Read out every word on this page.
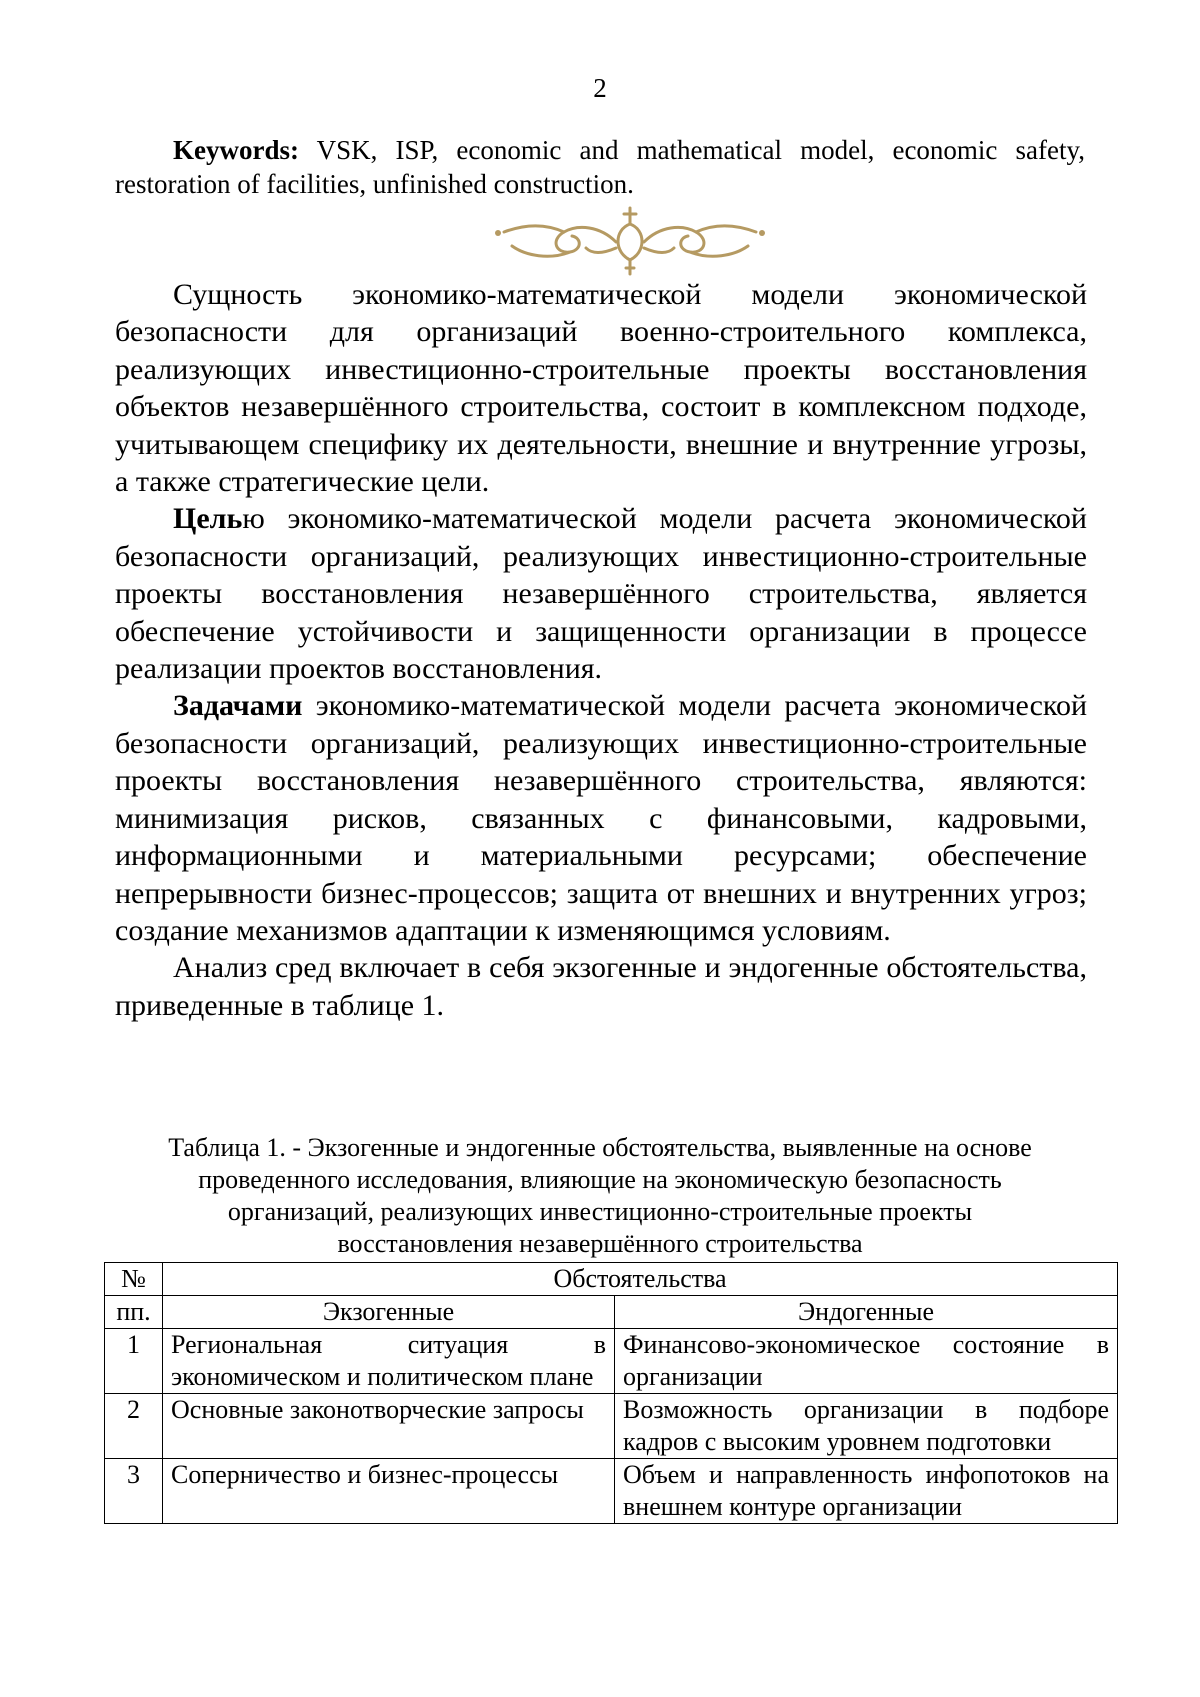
2
Keywords: VSK, ISP, economic and mathematical model, economic safety, restoration of facilities, unfinished construction.

Сущность экономико-математической модели экономической безопасности для организаций военно-строительного комплекса, реализующих инвестиционно-строительные проекты восстановления объектов незавершённого строительства, состоит в комплексном подходе, учитывающем специфику их деятельности, внешние и внутренние угрозы, а также стратегические цели.

Целью экономико-математической модели расчета экономической безопасности организаций, реализующих инвестиционно-строительные проекты восстановления незавершённого строительства, является обеспечение устойчивости и защищенности организации в процессе реализации проектов восстановления.

Задачами экономико-математической модели расчета экономической безопасности организаций, реализующих инвестиционно-строительные проекты восстановления незавершённого строительства, являются: минимизация рисков, связанных с финансовыми, кадровыми, информационными и материальными ресурсами; обеспечение непрерывности бизнес-процессов; защита от внешних и внутренних угроз; создание механизмов адаптации к изменяющимся условиям.

Анализ сред включает в себя экзогенные и эндогенные обстоятельства, приведенные в таблице 1.

Таблица 1. - Экзогенные и эндогенные обстоятельства, выявленные на основе
проведенного исследования, влияющие на экономическую безопасность
организаций, реализующих инвестиционно-строительные проекты
восстановления незавершённого строительства
№	Обстоятельства	
пп.	Экзогенные	Эндогенные
1	Региональная ситуация в экономическом и политическом плане	Финансово-экономическое состояние в организации
2	Основные законотворческие запросы	Возможность организации в подборе кадров с высоким уровнем подготовки
3	Соперничество и бизнес-процессы	Объем и направленность инфопотоков на внешнем контуре организации
